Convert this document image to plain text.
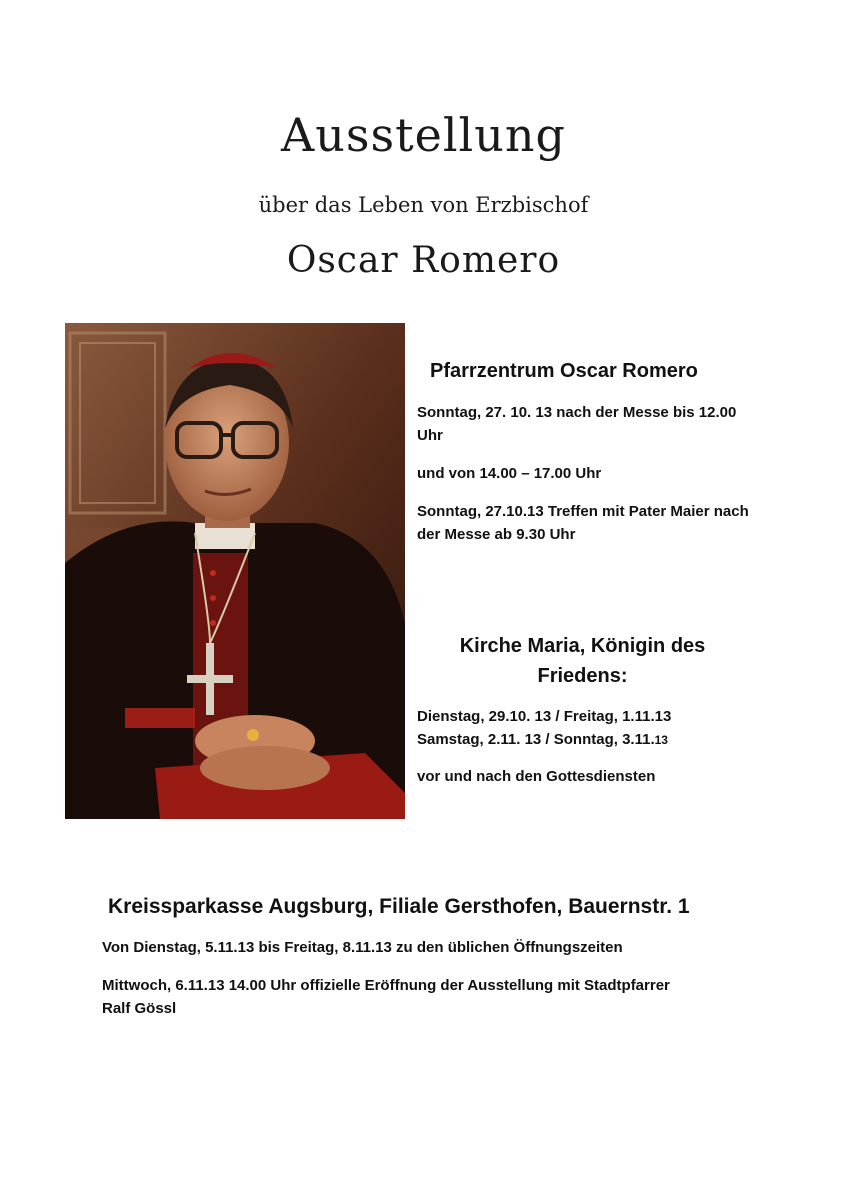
Ausstellung
über das Leben von Erzbischof
Oscar Romero
Pfarrzentrum Oscar Romero
Sonntag, 27. 10. 13 nach der Messe bis 12.00 Uhr
und von 14.00 – 17.00 Uhr
Sonntag, 27.10.13 Treffen mit Pater Maier nach der Messe ab 9.30 Uhr
Kirche Maria, Königin des Friedens:
Dienstag, 29.10. 13 / Freitag, 1.11.13
Samstag, 2.11. 13 / Sonntag, 3.11.13
vor und nach den Gottesdiensten
Kreissparkasse Augsburg, Filiale Gersthofen, Bauernstr. 1
Von Dienstag, 5.11.13 bis Freitag, 8.11.13 zu den üblichen Öffnungszeiten
Mittwoch, 6.11.13 14.00 Uhr offizielle Eröffnung der Ausstellung mit Stadtpfarrer Ralf Gössl
